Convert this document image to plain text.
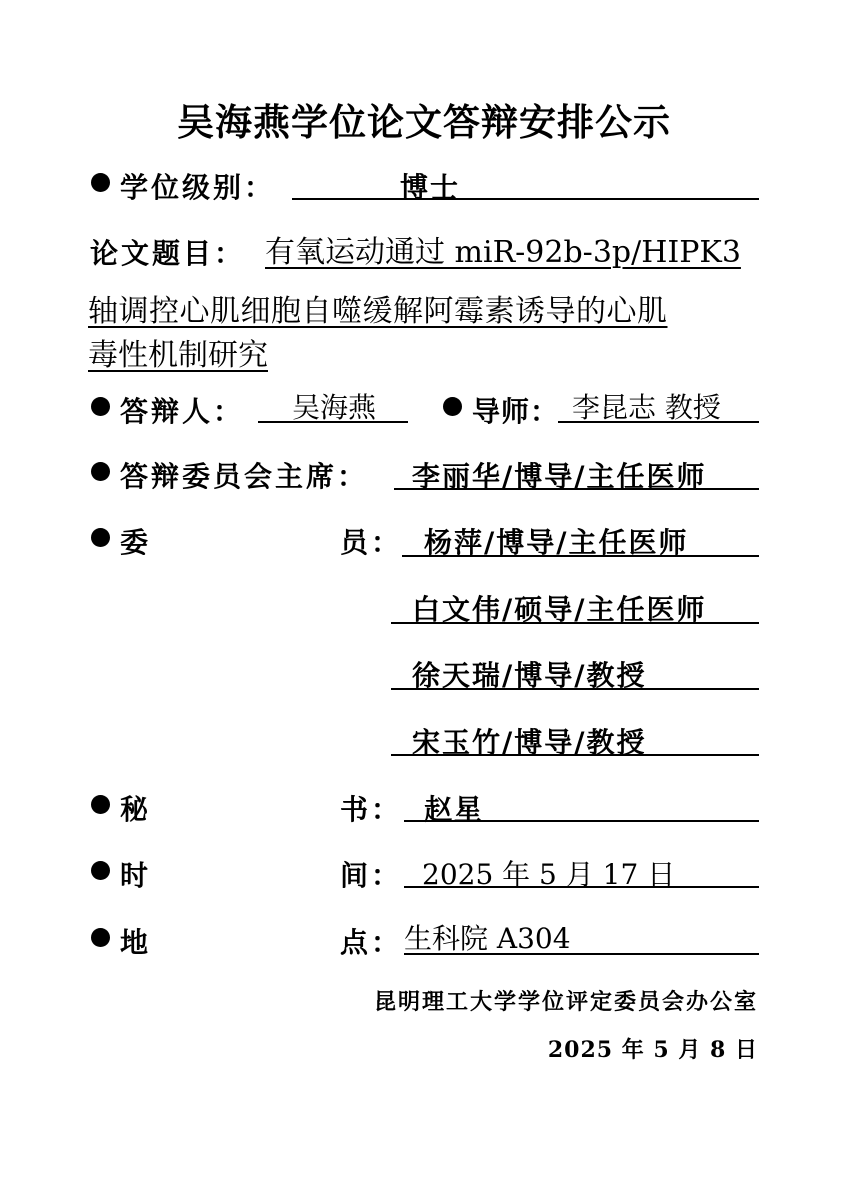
吴海燕学位论文答辩安排公示
学位级别：	博士
论文题目： 有氧运动通过 miR-92b-3p/HIPK3
轴调控心肌细胞自噬缓解阿霉素诱导的心肌
毒性机制研究
答辩人： 吴海燕	导师： 李昆志 教授
答辩委员会主席： 李丽华/博导/主任医师
委	员： 杨萍/博导/主任医师
白文伟/硕导/主任医师
徐天瑞/博导/教授
宋玉竹/博导/教授
秘	书： 赵星
时	间： 2025 年 5 月 17 日
地	点： 生科院 A304
昆明理工大学学位评定委员会办公室
2025 年 5 月 8 日
